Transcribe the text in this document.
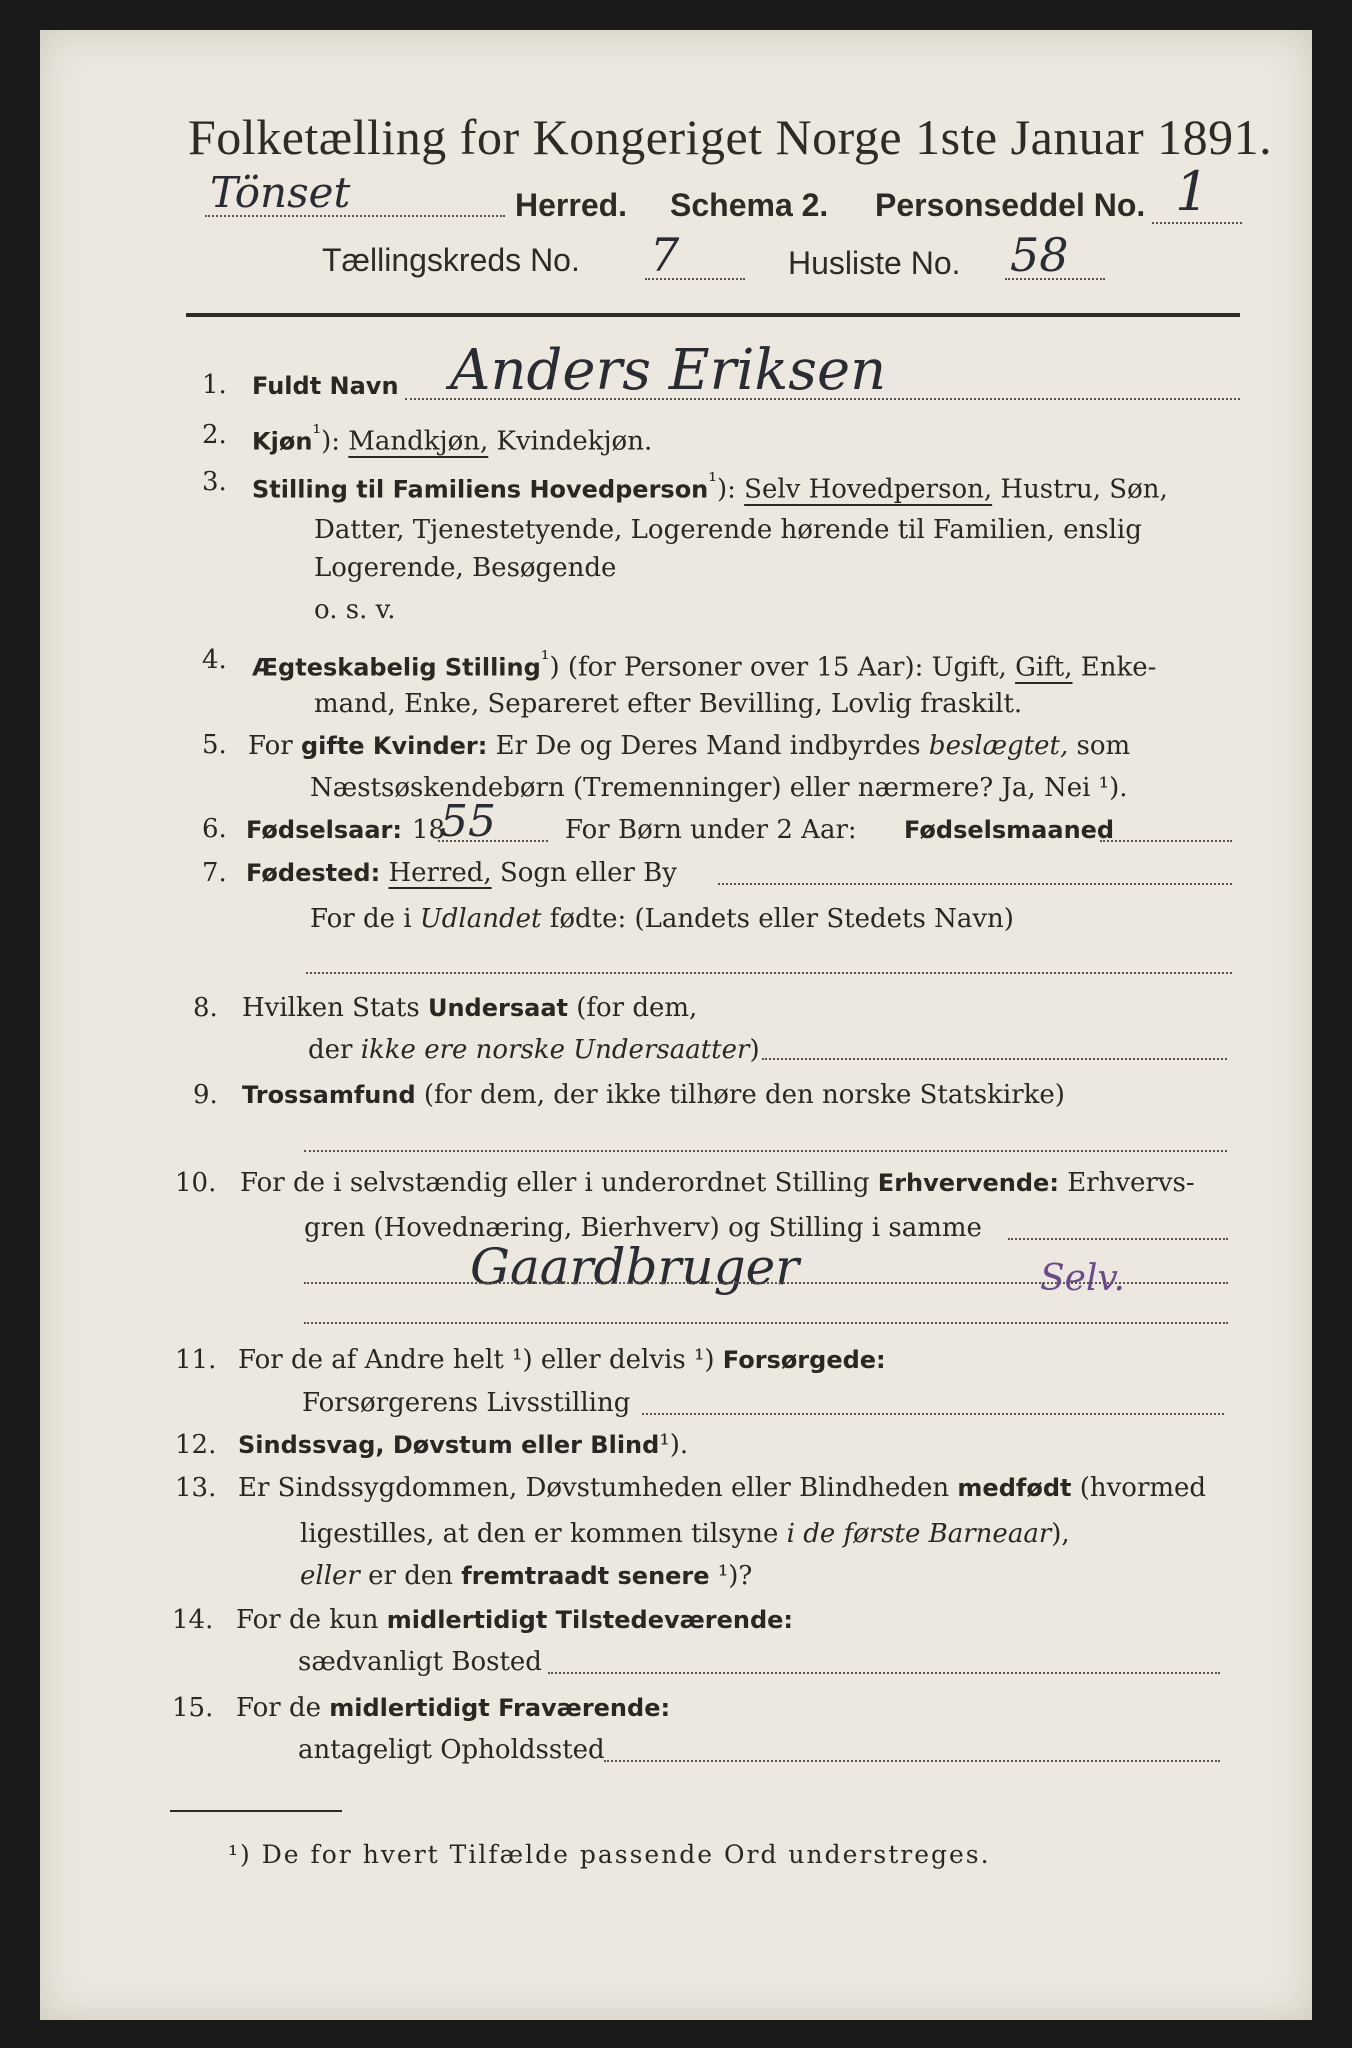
Folketælling for Kongeriget Norge 1ste Januar 1891.
Tönset	Herred. Schema 2. Personseddel No. 1
Tællingskreds No. 7	Husliste No. 58
1. Fuldt Navn Anders Eriksen
2. Kjøn$^{^1}$): Mandkjøn, Kvindekjøn.
3. Stilling til Familiens Hovedperson$^{^1}$): Selv Hovedperson, Hustru, Søn,
Datter, Tjenestetyende, Logerende hørende til Familien, enslig
Logerende, Besøgende
o. s. v.
4. Ægteskabelig Stilling$^{^1}$) (for Personer over 15 Aar): Ugift, Gift, Enke-
mand, Enke, Separeret efter Bevilling, Lovlig fraskilt.
5. For gifte Kvinder: Er De og Deres Mand indbyrdes beslægtet, som
Næstsøskendebørn (Tremenninger) eller nærmere? Ja, Nei ¹).
6. Fødselsaar: 18
55	For Børn under 2 Aar: Fødselsmaaned
7. Fødested: Herred, Sogn eller By
For de i Udlandet fødte: (Landets eller Stedets Navn)
8. Hvilken Stats Undersaat (for dem,
der ikke ere norske Undersaatter)
9. Trossamfund (for dem, der ikke tilhøre den norske Statskirke)
10. For de i selvstændig eller i underordnet Stilling Erhvervende: Erhvervs-
gren (Hovednæring, Bierhverv) og Stilling i samme
Gaardbruger	Selv.
11. For de af Andre helt ¹) eller delvis ¹) Forsørgede:
Forsørgerens Livsstilling
12. Sindssvag, Døvstum eller Blind¹).
13. Er Sindssygdommen, Døvstumheden eller Blindheden medfødt (hvormed
ligestilles, at den er kommen tilsyne i de første Barneaar),
eller er den fremtraadt senere ¹)?
14. For de kun midlertidigt Tilstedeværende:
sædvanligt Bosted
15. For de midlertidigt Fraværende:
antageligt Opholdssted
¹) De for hvert Tilfælde passende Ord understreges.
